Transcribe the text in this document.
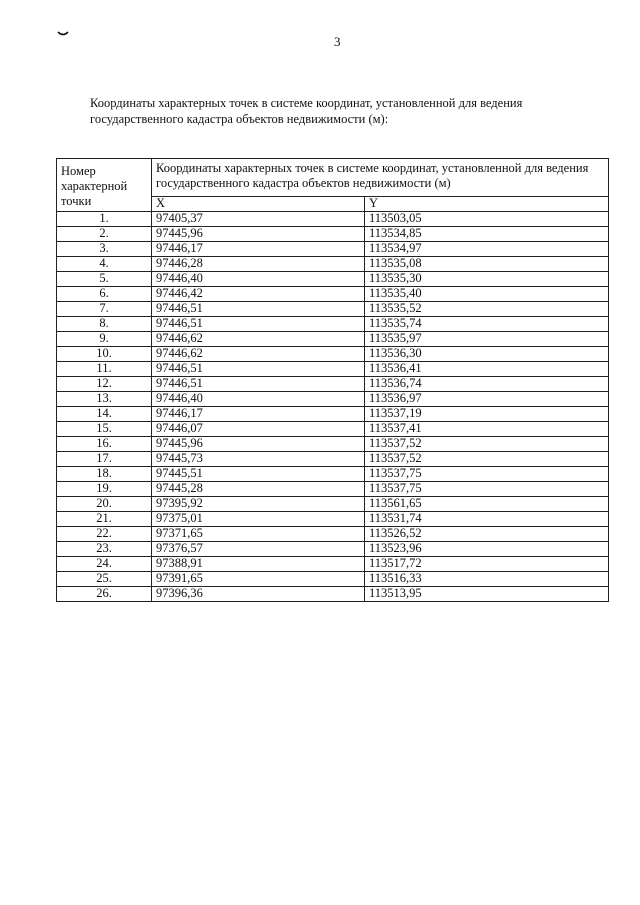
3
Координаты характерных точек в системе координат, установленной для ведения государственного кадастра объектов недвижимости (м):
Номер характерной точки	Координаты характерных точек в системе координат, установленной для ведения государственного кадастра объектов недвижимости (м)	
	X	Y
1.	97405,37	113503,05
2.	97445,96	113534,85
3.	97446,17	113534,97
4.	97446,28	113535,08
5.	97446,40	113535,30
6.	97446,42	113535,40
7.	97446,51	113535,52
8.	97446,51	113535,74
9.	97446,62	113535,97
10.	97446,62	113536,30
11.	97446,51	113536,41
12.	97446,51	113536,74
13.	97446,40	113536,97
14.	97446,17	113537,19
15.	97446,07	113537,41
16.	97445,96	113537,52
17.	97445,73	113537,52
18.	97445,51	113537,75
19.	97445,28	113537,75
20.	97395,92	113561,65
21.	97375,01	113531,74
22.	97371,65	113526,52
23.	97376,57	113523,96
24.	97388,91	113517,72
25.	97391,65	113516,33
26.	97396,36	113513,95
